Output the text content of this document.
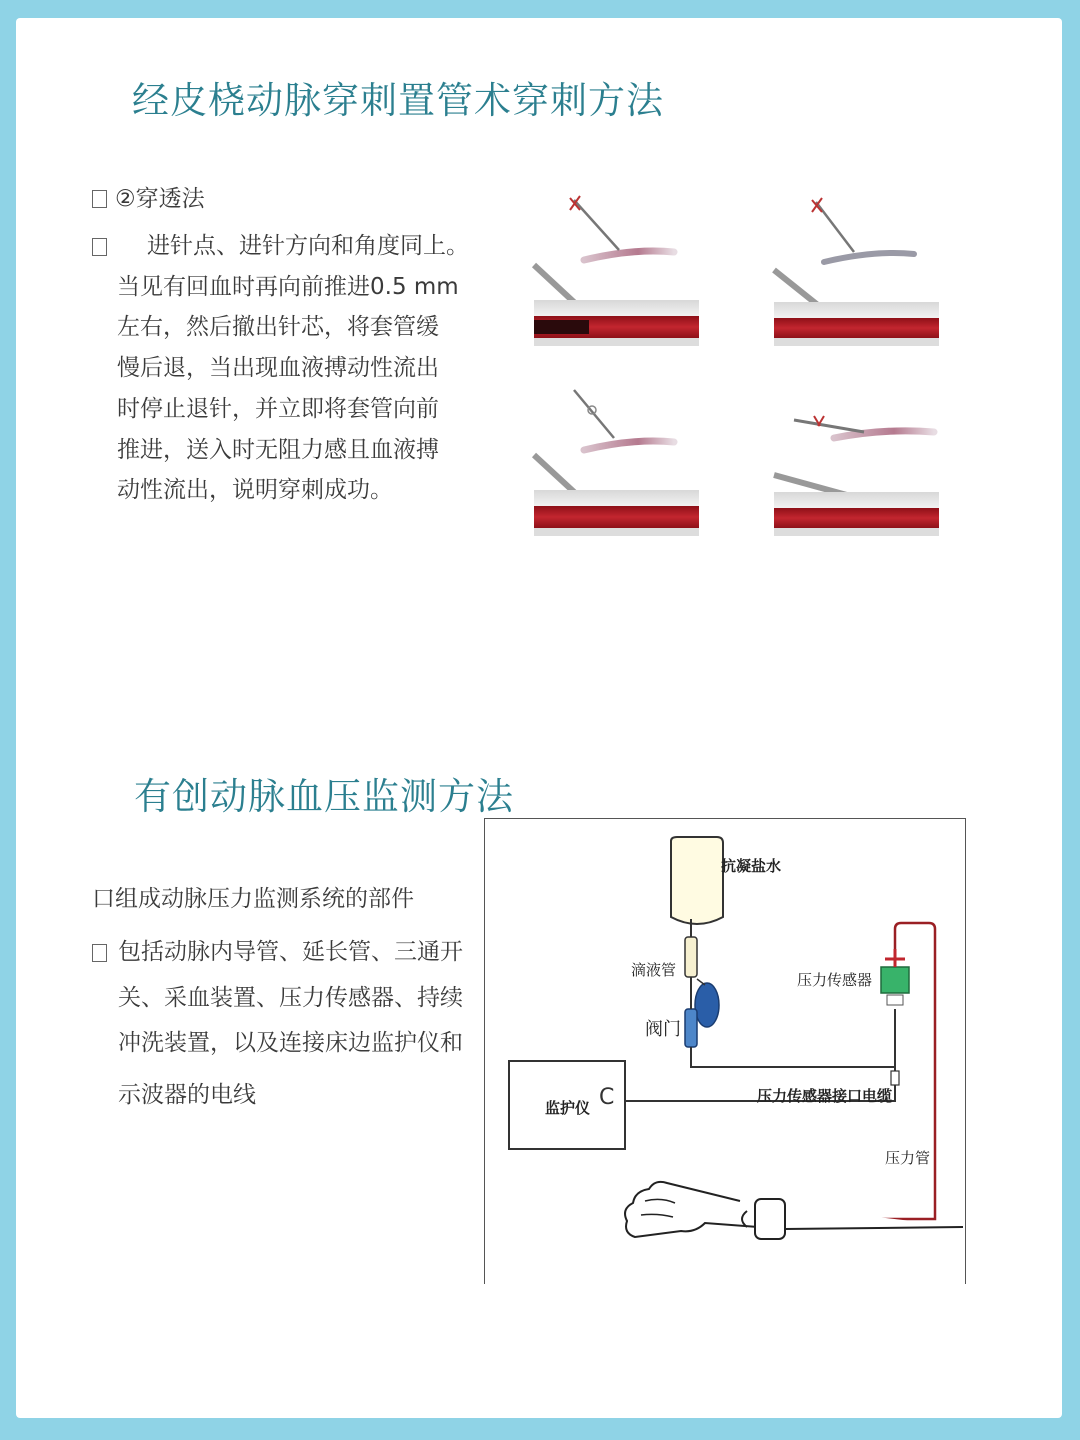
经皮桡动脉穿刺置管术穿刺方法
②穿透法
进针点、进针方向和角度同上。
当见有回血时再向前推进0.5 mm
左右，然后撤出针芯，将套管缓
慢后退，当出现血液搏动性流出
时停止退针，并立即将套管向前
推进，送入时无阻力感且血液搏
动性流出，说明穿刺成功。
有创动脉血压监测方法
口组成动脉压力监测系统的部件
包括动脉内导管、延长管、三通开
关、采血装置、压力传感器、持续
冲洗装置，以及连接床边监护仪和
示波器的电线
抗凝盐水
滴液管
阀门
压力传感器
监护仪 C	压力传感器接口电缆
压力管
